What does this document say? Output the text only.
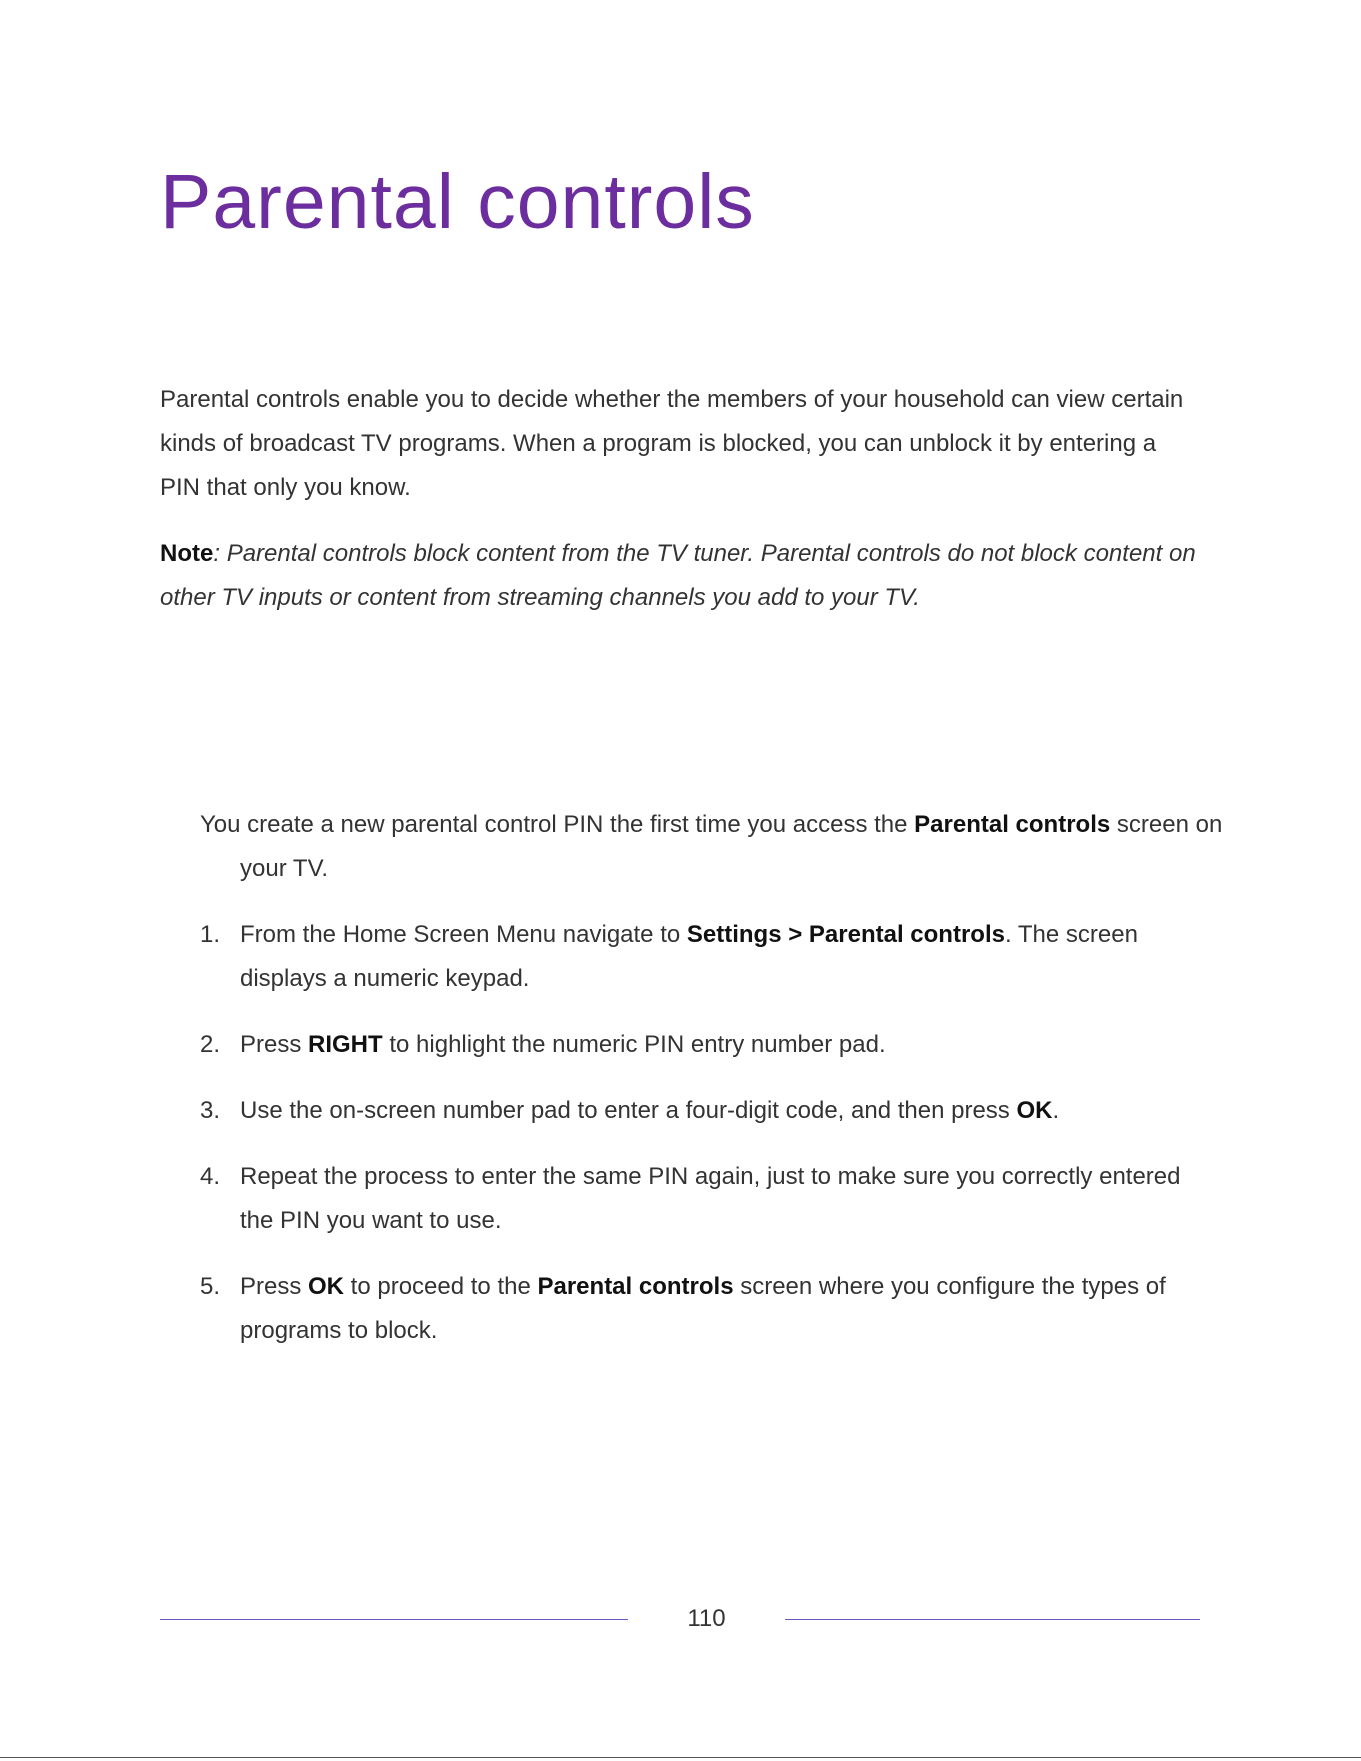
Parental controls

Parental controls enable you to decide whether the members of your household can view certain kinds of broadcast TV programs. When a program is blocked, you can unblock it by entering a PIN that only you know.

Note: Parental controls block content from the TV tuner. Parental controls do not block content on other TV inputs or content from streaming channels you add to your TV.

You create a new parental control PIN the first time you access the Parental controls screen on your TV.

1. From the Home Screen Menu navigate to Settings > Parental controls. The screen displays a numeric keypad.
2. Press RIGHT to highlight the numeric PIN entry number pad.
3. Use the on-screen number pad to enter a four-digit code, and then press OK.
4. Repeat the process to enter the same PIN again, just to make sure you correctly entered the PIN you want to use.
5. Press OK to proceed to the Parental controls screen where you configure the types of programs to block.
110
